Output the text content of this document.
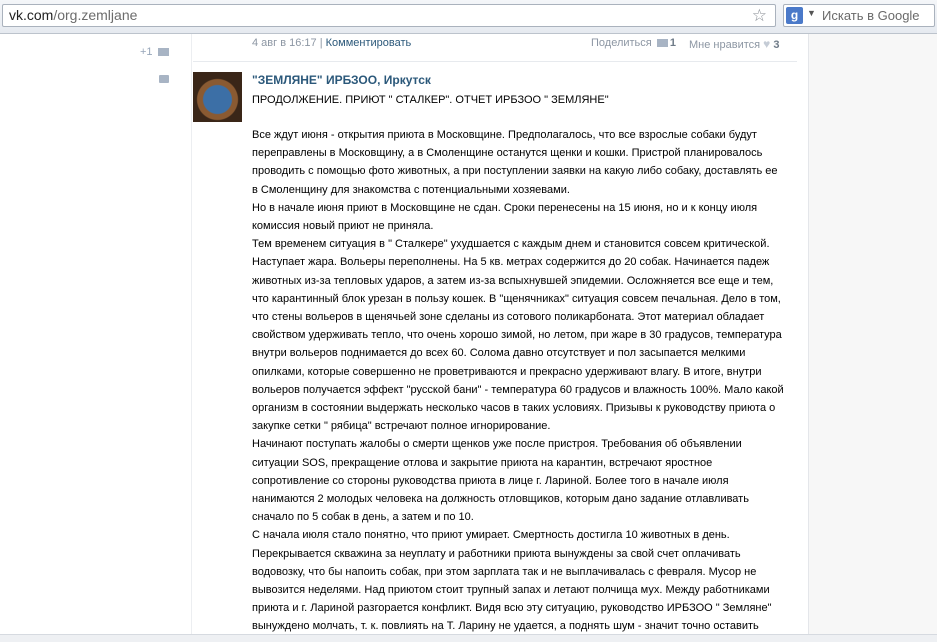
vk.com/org.zemljane	☆	g ▼ Искать в Google
+1
4 авг в 16:17 | Комментировать	Поделиться 1 Мне нравится ♥ 3
"ЗЕМЛЯНЕ" ИРБЗОО, Иркутск
ПРОДОЛЖЕНИЕ. ПРИЮТ " СТАЛКЕР". ОТЧЕТ ИРБЗОО " ЗЕМЛЯНЕ"

Все ждут июня - открытия приюта в Московщине. Предполагалось, что все взрослые собаки будут

переправлены в Московщину, а в Смоленщине останутся щенки и кошки. Пристрой планировалось

проводить с помощью фото животных, а при поступлении заявки на какую либо собаку, доставлять ее

в Смоленщину для знакомства с потенциальными хозяевами.

Но в начале июня приют в Московщине не сдан. Сроки перенесены на 15 июня, но и к концу июля

комиссия новый приют не приняла.

Тем временем ситуация в " Сталкере" ухудшается с каждым днем и становится совсем критической.

Наступает жара. Вольеры переполнены. На 5 кв. метрах содержится до 20 собак. Начинается падеж

животных из-за тепловых ударов, а затем из-за вспыхнувшей эпидемии. Осложняется все еще и тем,

что карантинный блок урезан в пользу кошек. В "щенячниках" ситуация совсем печальная. Дело в том,

что стены вольеров в щенячьей зоне сделаны из сотового поликарбоната. Этот материал обладает

свойством удерживать тепло, что очень хорошо зимой, но летом, при жаре в 30 градусов, температура

внутри вольеров поднимается до всех 60. Солома давно отсутствует и пол засыпается мелкими

опилками, которые совершенно не проветриваются и прекрасно удерживают влагу. В итоге, внутри

вольеров получается эффект "русской бани" - температура 60 градусов и влажность 100%. Мало какой

организм в состоянии выдержать несколько часов в таких условиях. Призывы к руководству приюта о

закупке сетки " рябица" встречают полное игнорирование.

Начинают поступать жалобы о смерти щенков уже после пристроя. Требования об объявлении

ситуации SOS, прекращение отлова и закрытие приюта на карантин, встречают яростное

сопротивление со стороны руководства приюта в лице г. Лариной. Более того в начале июля

нанимаются 2 молодых человека на должность отловщиков, которым дано задание отлавливать

сначало по 5 собак в день, а затем и по 10.

С начала июля стало понятно, что приют умирает. Смертность достигла 10 животных в день.

Перекрывается скважина за неуплату и работники приюта вынуждены за свой счет оплачивать

водовозку, что бы напоить собак, при этом зарплата так и не выплачивалась с февраля. Мусор не

вывозится неделями. Над приютом стоит трупный запах и летают полчища мух. Между работниками

приюта и г. Лариной разгорается конфликт. Видя всю эту ситуацию, руководство ИРБЗОО " Земляне"

вынуждено молчать, т. к. повлиять на Т. Ларину не удается, а поднять шум - значит точно оставить
